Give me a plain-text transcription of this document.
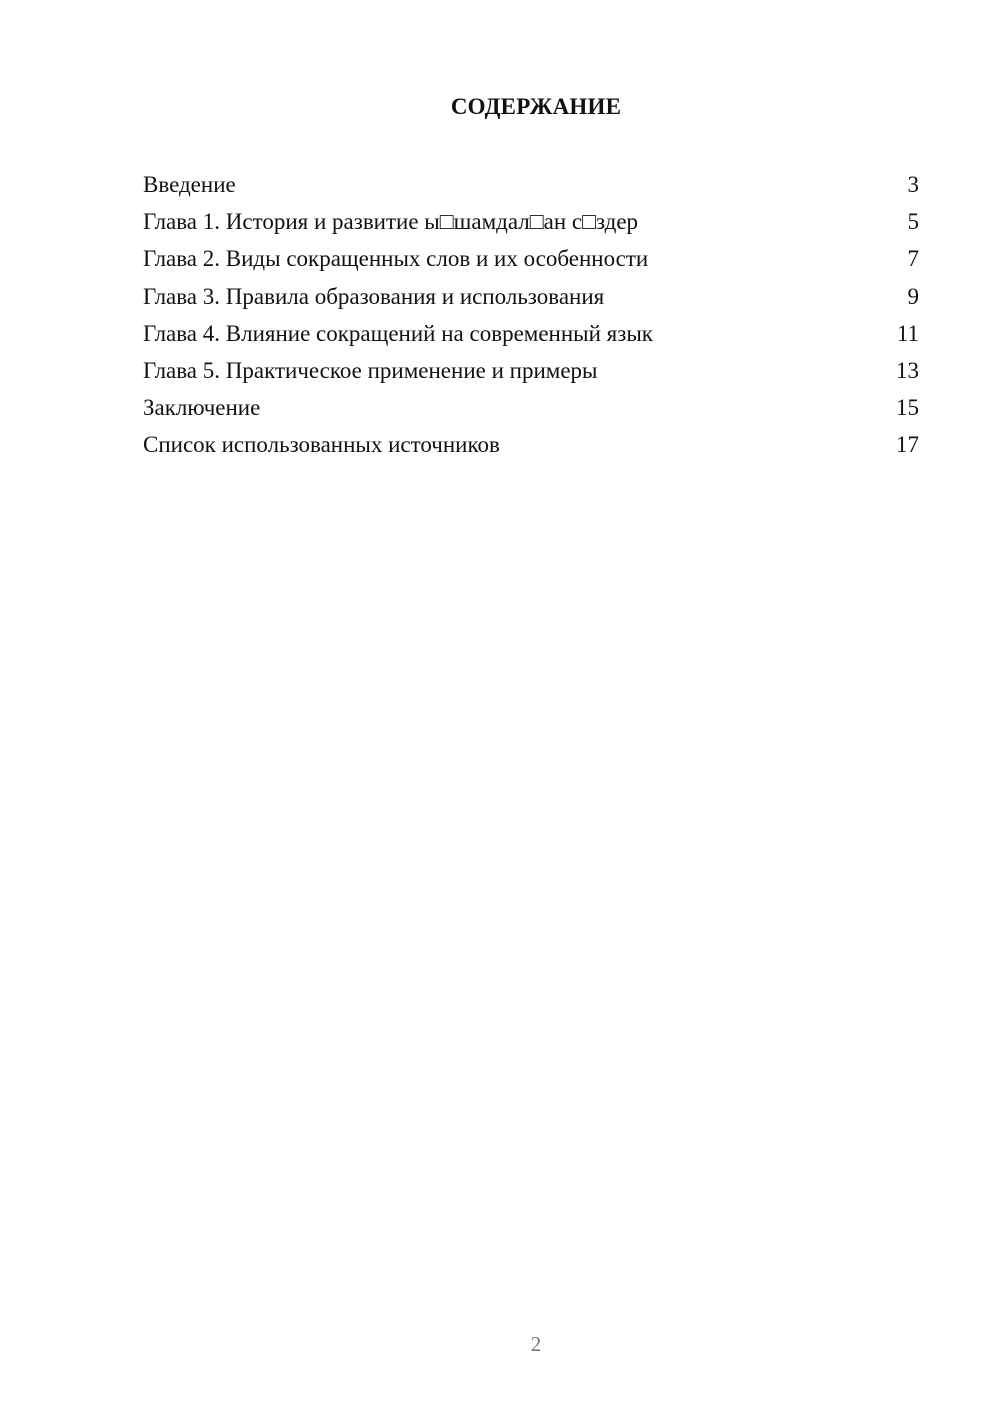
СОДЕРЖАНИЕ
Введение	3
Глава 1. История и развитие ы□шамдал□ан с□здер	5
Глава 2. Виды сокращенных слов и их особенности	7
Глава 3. Правила образования и использования	9
Глава 4. Влияние сокращений на современный язык	11
Глава 5. Практическое применение и примеры	13
Заключение	15
Список использованных источников	17
2
